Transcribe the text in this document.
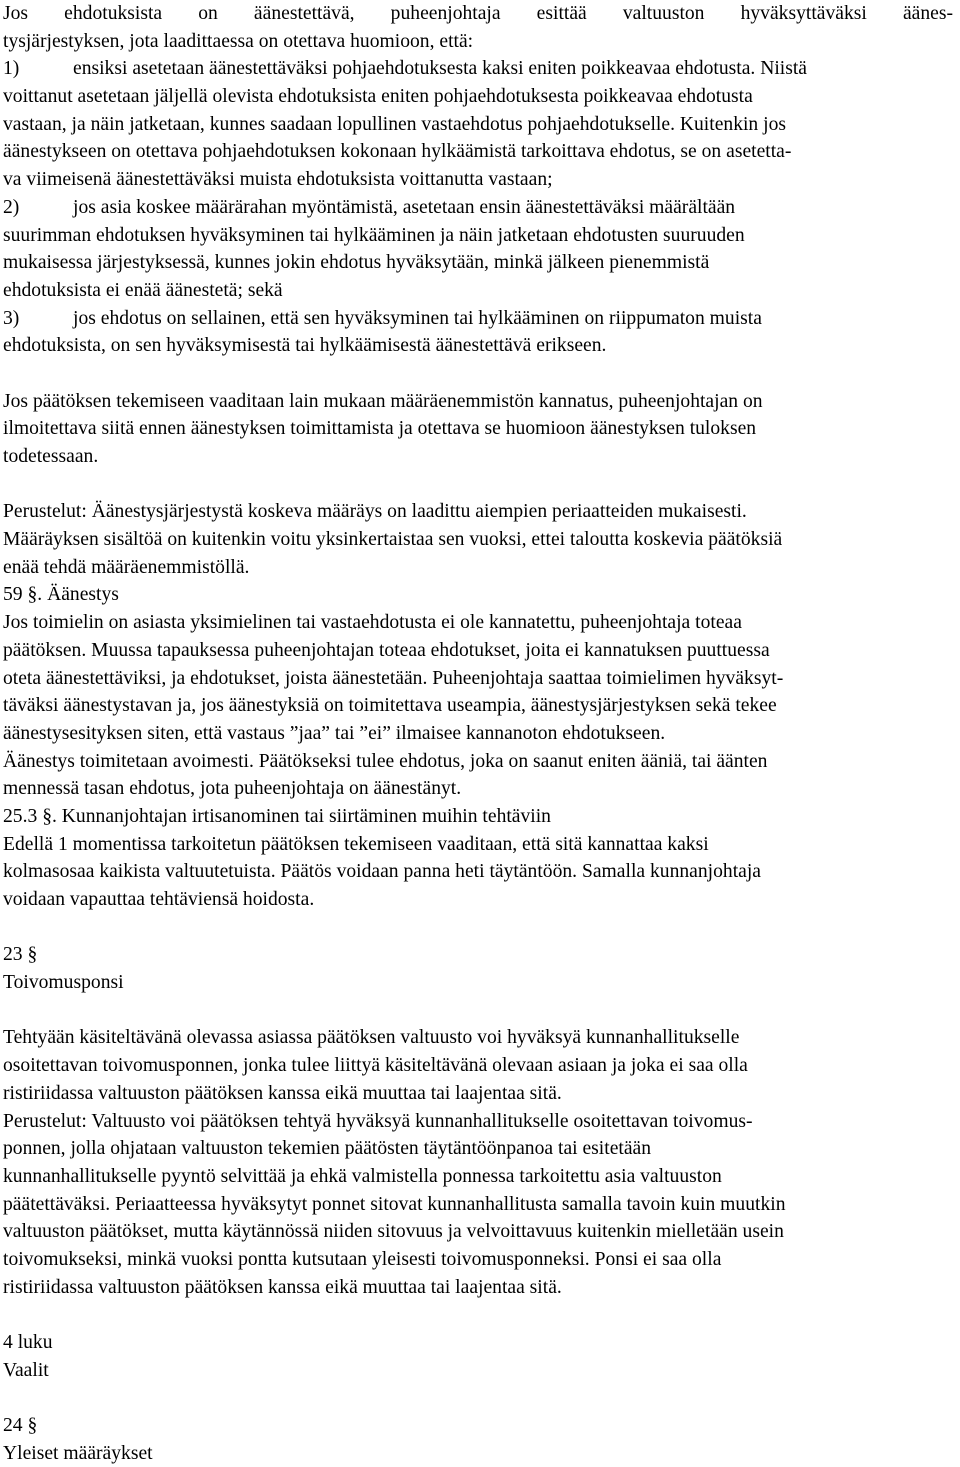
Jos ehdotuksista on äänestettävä, puheenjohtaja esittää valtuuston hyväksyttäväksi äänes-
tysjärjestyksen, jota laadittaessa on otettava huomioon, että:
1)	ensiksi asetetaan äänestettäväksi pohjaehdotuksesta kaksi eniten poikkeavaa ehdotusta. Niistä
voittanut asetetaan jäljellä olevista ehdotuksista eniten pohjaehdotuksesta poikkeavaa ehdotusta
vastaan, ja näin jatketaan, kunnes saadaan lopullinen vastaehdotus pohjaehdotukselle. Kuitenkin jos
äänestykseen on otettava pohjaehdotuksen kokonaan hylkäämistä tarkoittava ehdotus, se on asetetta-
va viimeisenä äänestettäväksi muista ehdotuksista voittanutta vastaan;
2)	jos asia koskee määrärahan myöntämistä, asetetaan ensin äänestettäväksi määrältään
suurimman ehdotuksen hyväksyminen tai hylkääminen ja näin jatketaan ehdotusten suuruuden
mukaisessa järjestyksessä, kunnes jokin ehdotus hyväksytään, minkä jälkeen pienemmistä
ehdotuksista ei enää äänestetä; sekä
3)	jos ehdotus on sellainen, että sen hyväksyminen tai hylkääminen on riippumaton muista
ehdotuksista, on sen hyväksymisestä tai hylkäämisestä äänestettävä erikseen.
Jos päätöksen tekemiseen vaaditaan lain mukaan määräenemmistön kannatus, puheenjohtajan on
ilmoitettava siitä ennen äänestyksen toimittamista ja otettava se huomioon äänestyksen tuloksen
todetessaan.
Perustelut: Äänestysjärjestystä koskeva määräys on laadittu aiempien periaatteiden mukaisesti.
Määräyksen sisältöä on kuitenkin voitu yksinkertaistaa sen vuoksi, ettei taloutta koskevia päätöksiä
enää tehdä määräenemmistöllä.
59 §. Äänestys
Jos toimielin on asiasta yksimielinen tai vastaehdotusta ei ole kannatettu, puheenjohtaja toteaa
päätöksen. Muussa tapauksessa puheenjohtajan toteaa ehdotukset, joita ei kannatuksen puuttuessa
oteta äänestettäviksi, ja ehdotukset, joista äänestetään. Puheenjohtaja saattaa toimielimen hyväksyt-
täväksi äänestystavan ja, jos äänestyksiä on toimitettava useampia, äänestysjärjestyksen sekä tekee
äänestysesityksen siten, että vastaus ”jaa” tai ”ei” ilmaisee kannanoton ehdotukseen.
Äänestys toimitetaan avoimesti. Päätökseksi tulee ehdotus, joka on saanut eniten ääniä, tai äänten
mennessä tasan ehdotus, jota puheenjohtaja on äänestänyt.
25.3 §. Kunnanjohtajan irtisanominen tai siirtäminen muihin tehtäviin
Edellä 1 momentissa tarkoitetun päätöksen tekemiseen vaaditaan, että sitä kannattaa kaksi
kolmasosaa kaikista valtuutetuista. Päätös voidaan panna heti täytäntöön. Samalla kunnanjohtaja
voidaan vapauttaa tehtäviensä hoidosta.
23 §
Toivomusponsi
Tehtyään käsiteltävänä olevassa asiassa päätöksen valtuusto voi hyväksyä kunnanhallitukselle
osoitettavan toivomusponnen, jonka tulee liittyä käsiteltävänä olevaan asiaan ja joka ei saa olla
ristiriidassa valtuuston päätöksen kanssa eikä muuttaa tai laajentaa sitä.
Perustelut: Valtuusto voi päätöksen tehtyä hyväksyä kunnanhallitukselle osoitettavan toivomus-
ponnen, jolla ohjataan valtuuston tekemien päätösten täytäntöönpanoa tai esitetään
kunnanhallitukselle pyyntö selvittää ja ehkä valmistella ponnessa tarkoitettu asia valtuuston
päätettäväksi. Periaatteessa hyväksytyt ponnet sitovat kunnanhallitusta samalla tavoin kuin muutkin
valtuuston päätökset, mutta käytännössä niiden sitovuus ja velvoittavuus kuitenkin mielletään usein
toivomukseksi, minkä vuoksi pontta kutsutaan yleisesti toivomusponneksi. Ponsi ei saa olla
ristiriidassa valtuuston päätöksen kanssa eikä muuttaa tai laajentaa sitä.
4 luku
Vaalit
24 §
Yleiset määräykset
